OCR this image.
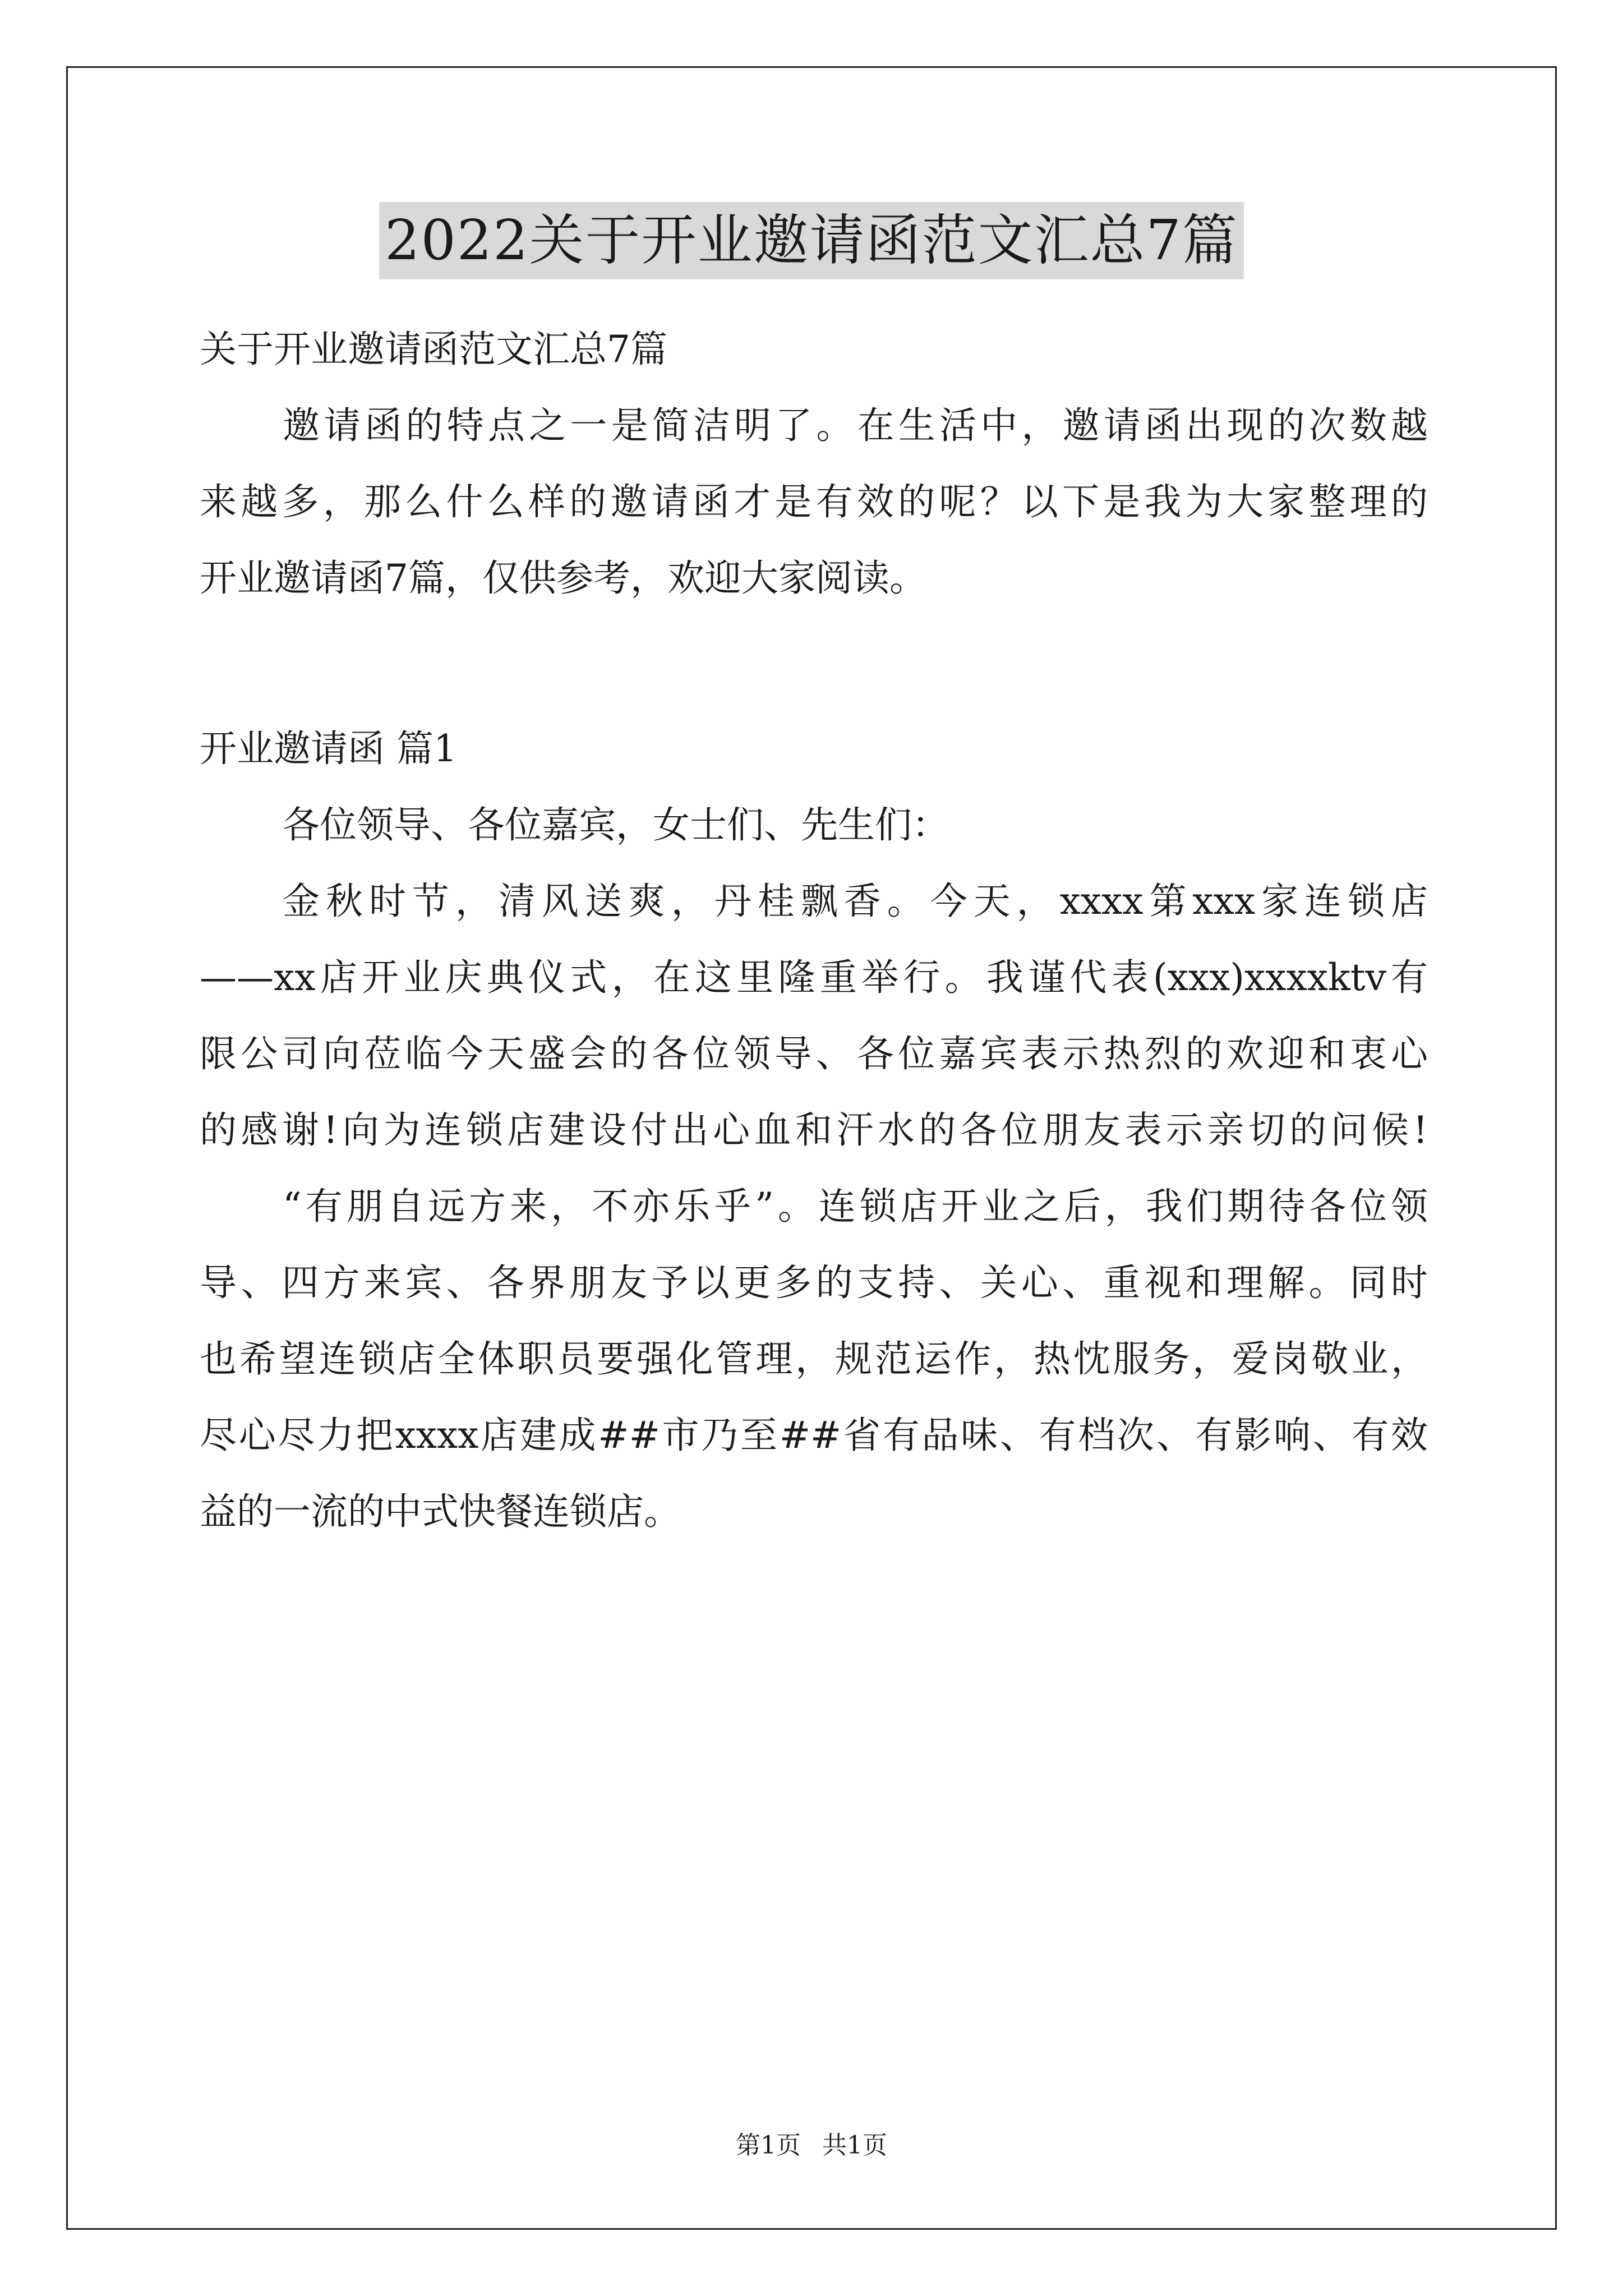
2022关于开业邀请函范文汇总7篇
关于开业邀请函范文汇总7篇
邀请函的特点之一是简洁明了。在生活中，邀请函出现的次数越
来越多，那么什么样的邀请函才是有效的呢？以下是我为大家整理的
开业邀请函7篇，仅供参考，欢迎大家阅读。
开业邀请函 篇1
各位领导、各位嘉宾，女士们、先生们：
金秋时节，清风送爽，丹桂飘香。今天，xxxx第xxx家连锁店
——xx店开业庆典仪式，在这里隆重举行。我谨代表(xxx)xxxxktv有
限公司向莅临今天盛会的各位领导、各位嘉宾表示热烈的欢迎和衷心
的感谢!向为连锁店建设付出心血和汗水的各位朋友表示亲切的问候!
“有朋自远方来，不亦乐乎”。连锁店开业之后，我们期待各位领
导、四方来宾、各界朋友予以更多的支持、关心、重视和理解。同时
也希望连锁店全体职员要强化管理，规范运作，热忱服务，爱岗敬业，
尽心尽力把xxxx店建成##市乃至##省有品味、有档次、有影响、有效
益的一流的中式快餐连锁店。
第1页 共1页
